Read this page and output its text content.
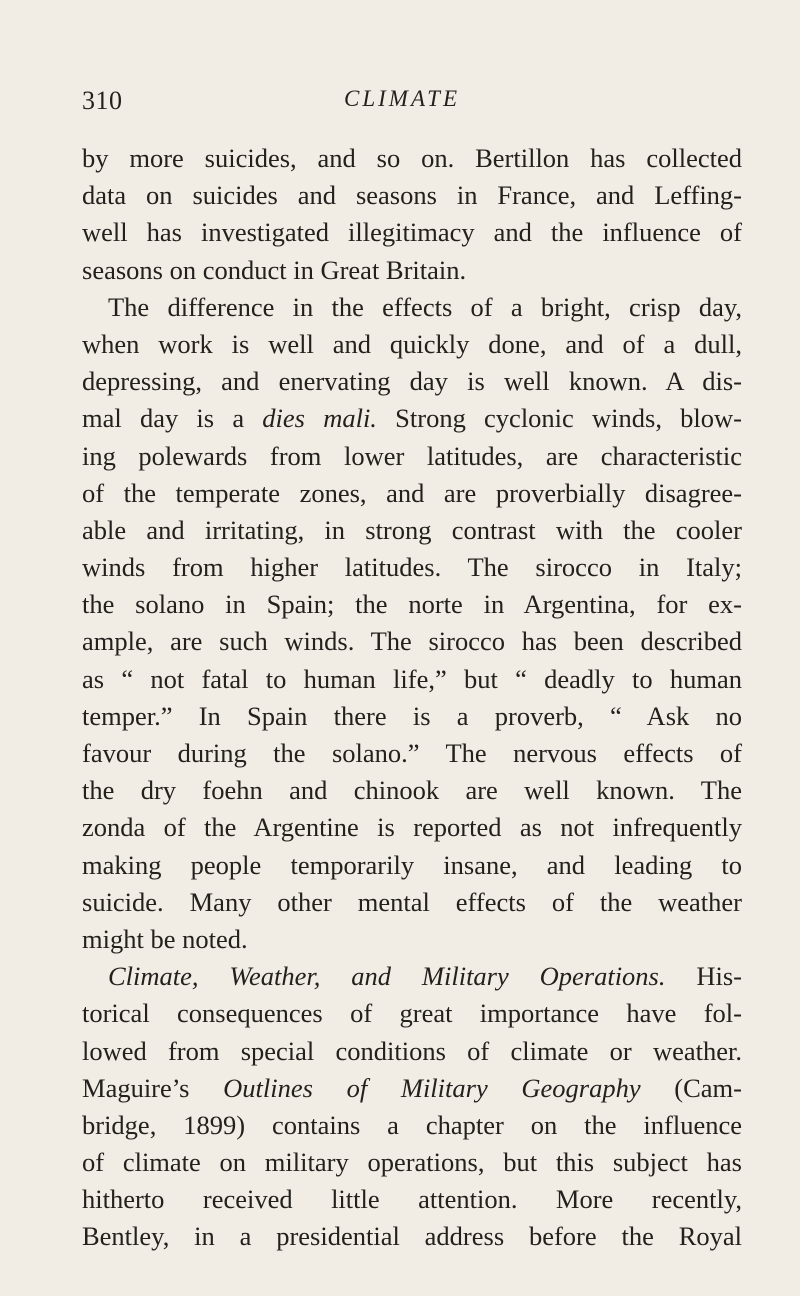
310	CLIMATE
by more suicides, and so on. Bertillon has collected
data on suicides and seasons in France, and Leffing-
well has investigated illegitimacy and the influence of
seasons on conduct in Great Britain.
The difference in the effects of a bright, crisp day,
when work is well and quickly done, and of a dull,
depressing, and enervating day is well known. A dis-
mal day is a dies mali. Strong cyclonic winds, blow-
ing polewards from lower latitudes, are characteristic
of the temperate zones, and are proverbially disagree-
able and irritating, in strong contrast with the cooler
winds from higher latitudes. The sirocco in Italy;
the solano in Spain; the norte in Argentina, for ex-
ample, are such winds. The sirocco has been described
as “ not fatal to human life,” but “ deadly to human
temper.” In Spain there is a proverb, “ Ask no
favour during the solano.” The nervous effects of
the dry foehn and chinook are well known. The
zonda of the Argentine is reported as not infrequently
making people temporarily insane, and leading to
suicide. Many other mental effects of the weather
might be noted.
Climate, Weather, and Military Operations. His-
torical consequences of great importance have fol-
lowed from special conditions of climate or weather.
Maguire’s Outlines of Military Geography (Cam-
bridge, 1899) contains a chapter on the influence
of climate on military operations, but this subject has
hitherto received little attention. More recently,
Bentley, in a presidential address before the Royal
